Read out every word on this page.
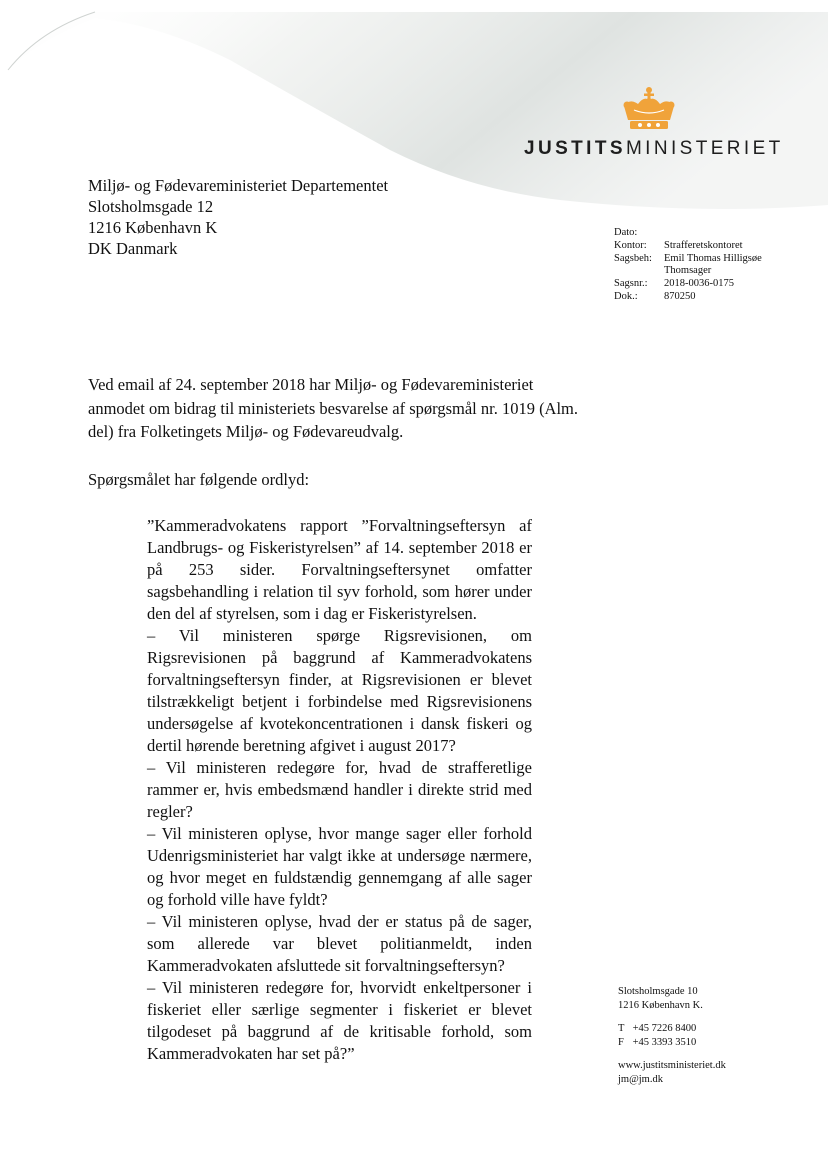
JUSTITSMINISTERIET
Miljø- og Fødevareministeriet Departementet
Slotsholmsgade 12
1216 København K
DK Danmark
Dato:	
Kontor:	Strafferetskontoret
Sagsbeh:	Emil Thomas Hilligsøe
	Thomsager
Sagsnr.:	2018-0036-0175
Dok.:	870250

Ved email af 24. september 2018 har Miljø- og Fødevareministeriet anmodet om bidrag til ministeriets besvarelse af spørgsmål nr. 1019 (Alm. del) fra Folketingets Miljø- og Fødevareudvalg.

Spørgsmålet har følgende ordlyd:

”Kammeradvokatens rapport ”Forvaltningseftersyn af Landbrugs- og Fiskeristyrelsen” af 14. september 2018 er på 253 sider. Forvaltningseftersynet omfatter sagsbehandling i relation til syv forhold, som hører under den del af styrelsen, som i dag er Fiskeristyrelsen.

– Vil ministeren spørge Rigsrevisionen, om Rigsrevisionen på baggrund af Kammeradvokatens forvaltningseftersyn finder, at Rigsrevisionen er blevet tilstrækkeligt betjent i forbindelse med Rigsrevisionens undersøgelse af kvotekoncentrationen i dansk fiskeri og dertil hørende beretning afgivet i august 2017?

– Vil ministeren redegøre for, hvad de strafferetlige rammer er, hvis embedsmænd handler i direkte strid med regler?

– Vil ministeren oplyse, hvor mange sager eller forhold Udenrigsministeriet har valgt ikke at undersøge nærmere, og hvor meget en fuldstændig gennemgang af alle sager og forhold ville have fyldt?

– Vil ministeren oplyse, hvad der er status på de sager, som allerede var blevet politianmeldt, inden Kammeradvokaten afsluttede sit forvaltningseftersyn?

– Vil ministeren redegøre for, hvorvidt enkeltpersoner i fiskeriet eller særlige segmenter i fiskeriet er blevet tilgodeset på baggrund af de kritisable forhold, som Kammeradvokaten har set på?”

Slotsholmsgade 10
1216 København K.
T +45 7226 8400
F +45 3393 3510
www.justitsministeriet.dk
jm@jm.dk
